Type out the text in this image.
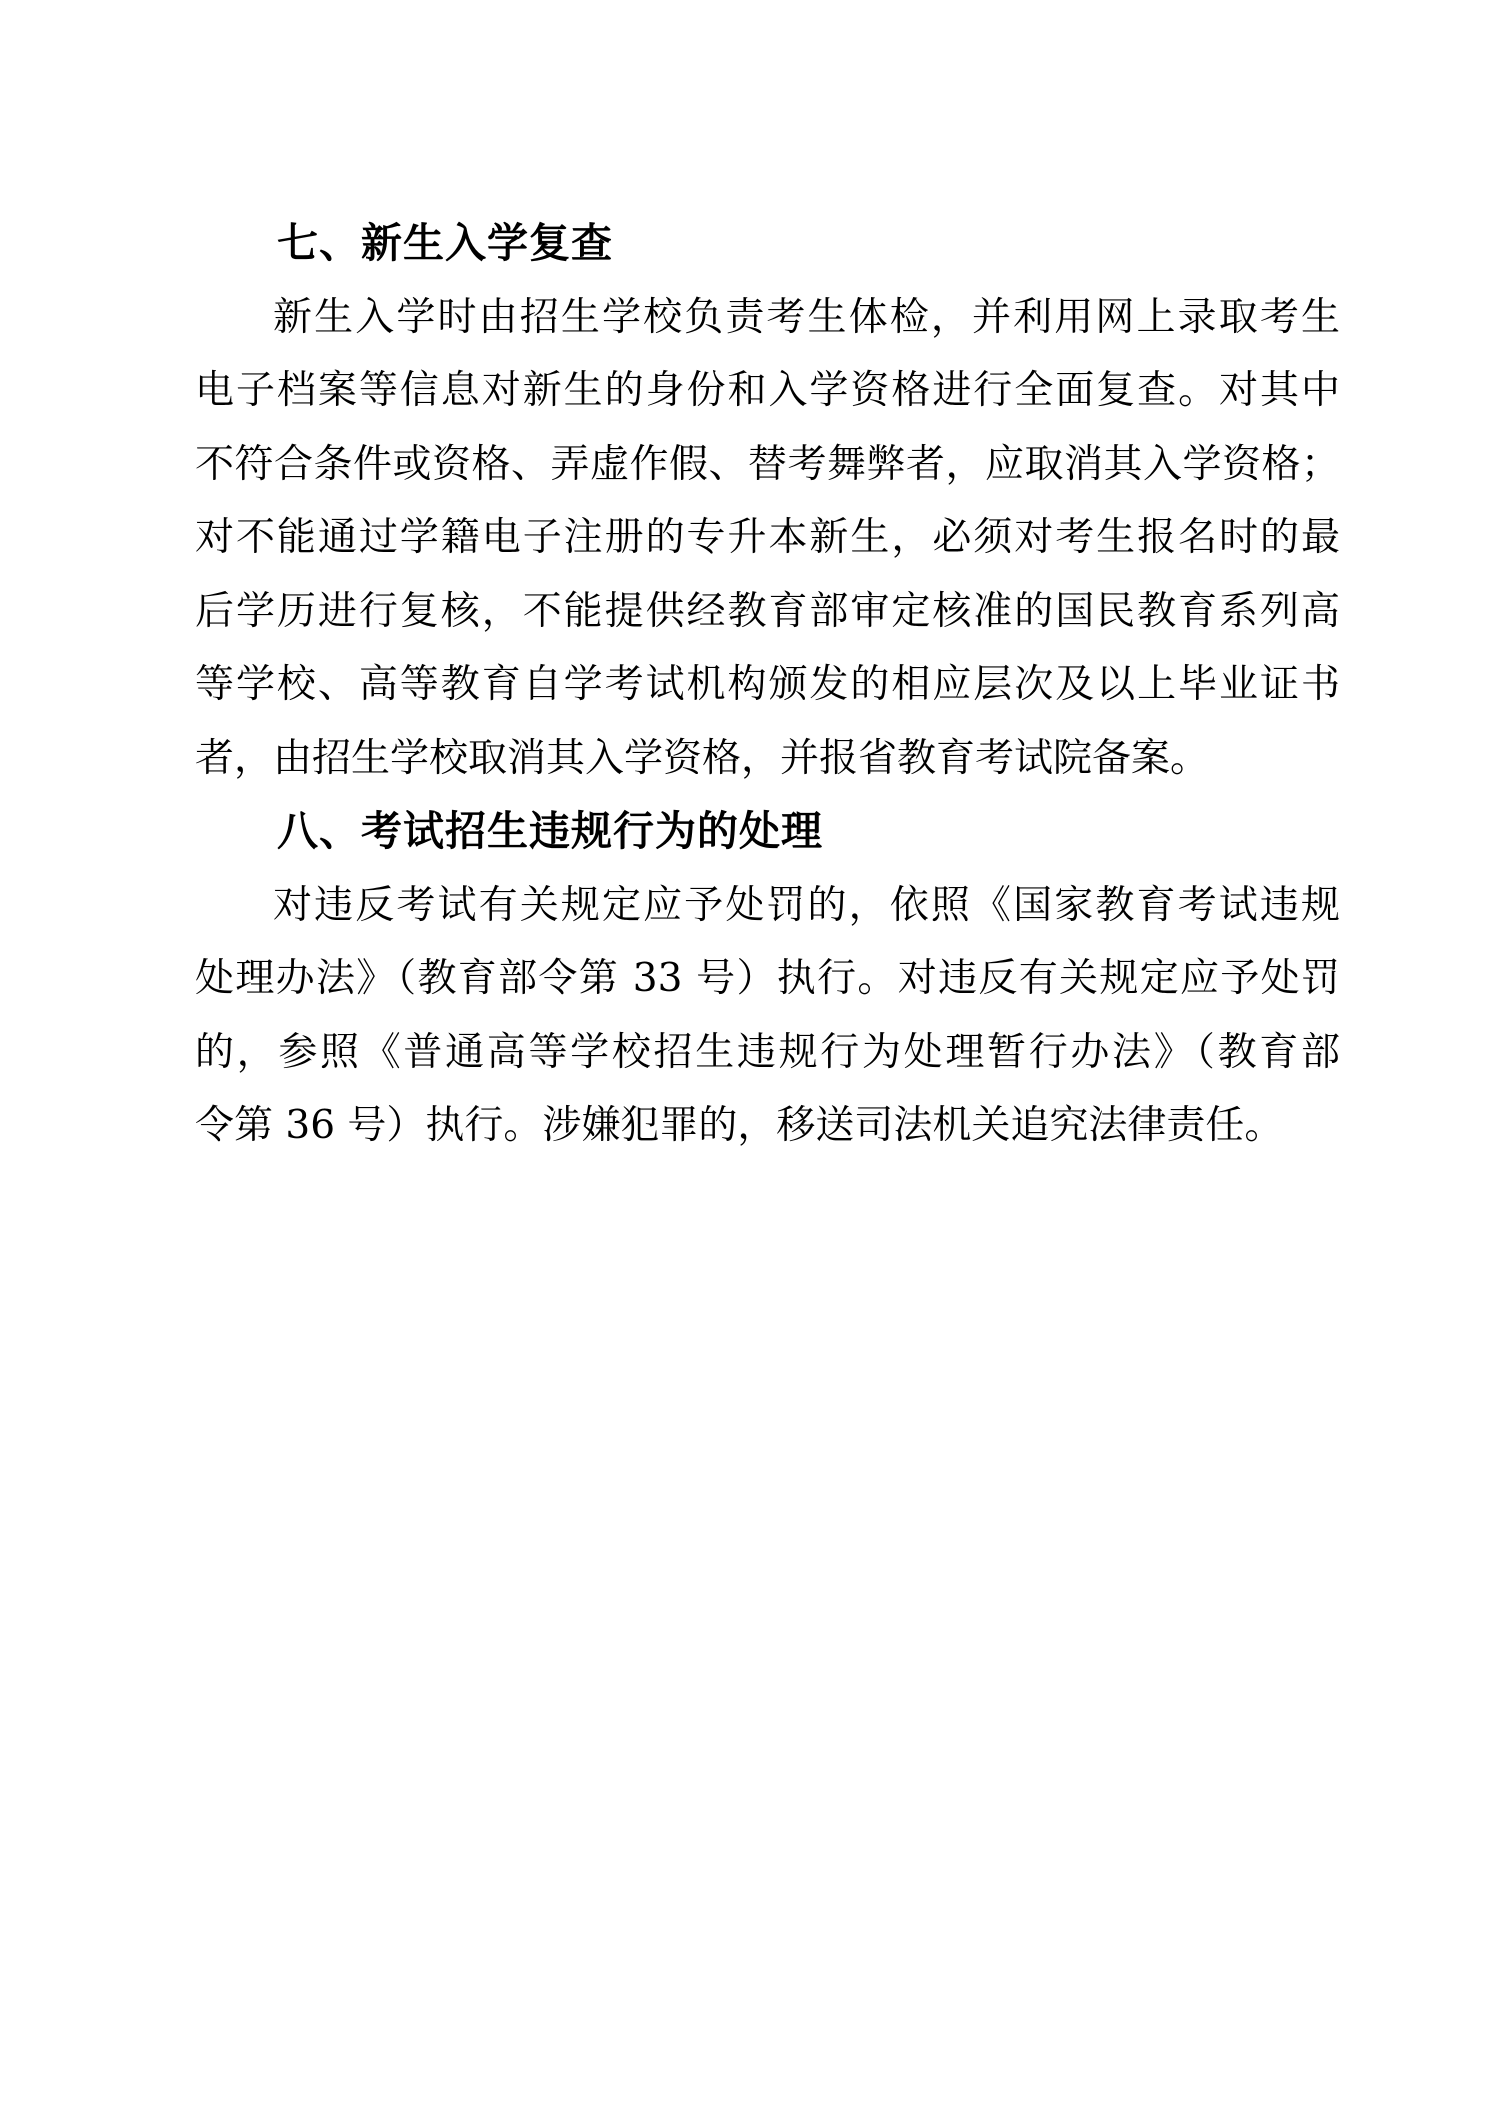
七、新生入学复查
新生入学时由招生学校负责考生体检，并利用网上录取考生
电子档案等信息对新生的身份和入学资格进行全面复查。对其中
不符合条件或资格、弄虚作假、替考舞弊者，应取消其入学资格；
对不能通过学籍电子注册的专升本新生，必须对考生报名时的最
后学历进行复核，不能提供经教育部审定核准的国民教育系列高
等学校、高等教育自学考试机构颁发的相应层次及以上毕业证书
者，由招生学校取消其入学资格，并报省教育考试院备案。
八、考试招生违规行为的处理
对违反考试有关规定应予处罚的，依照《国家教育考试违规
处理办法》（教育部令第 33 号）执行。对违反有关规定应予处罚
的，参照《普通高等学校招生违规行为处理暂行办法》（教育部
令第 36 号）执行。涉嫌犯罪的，移送司法机关追究法律责任。
